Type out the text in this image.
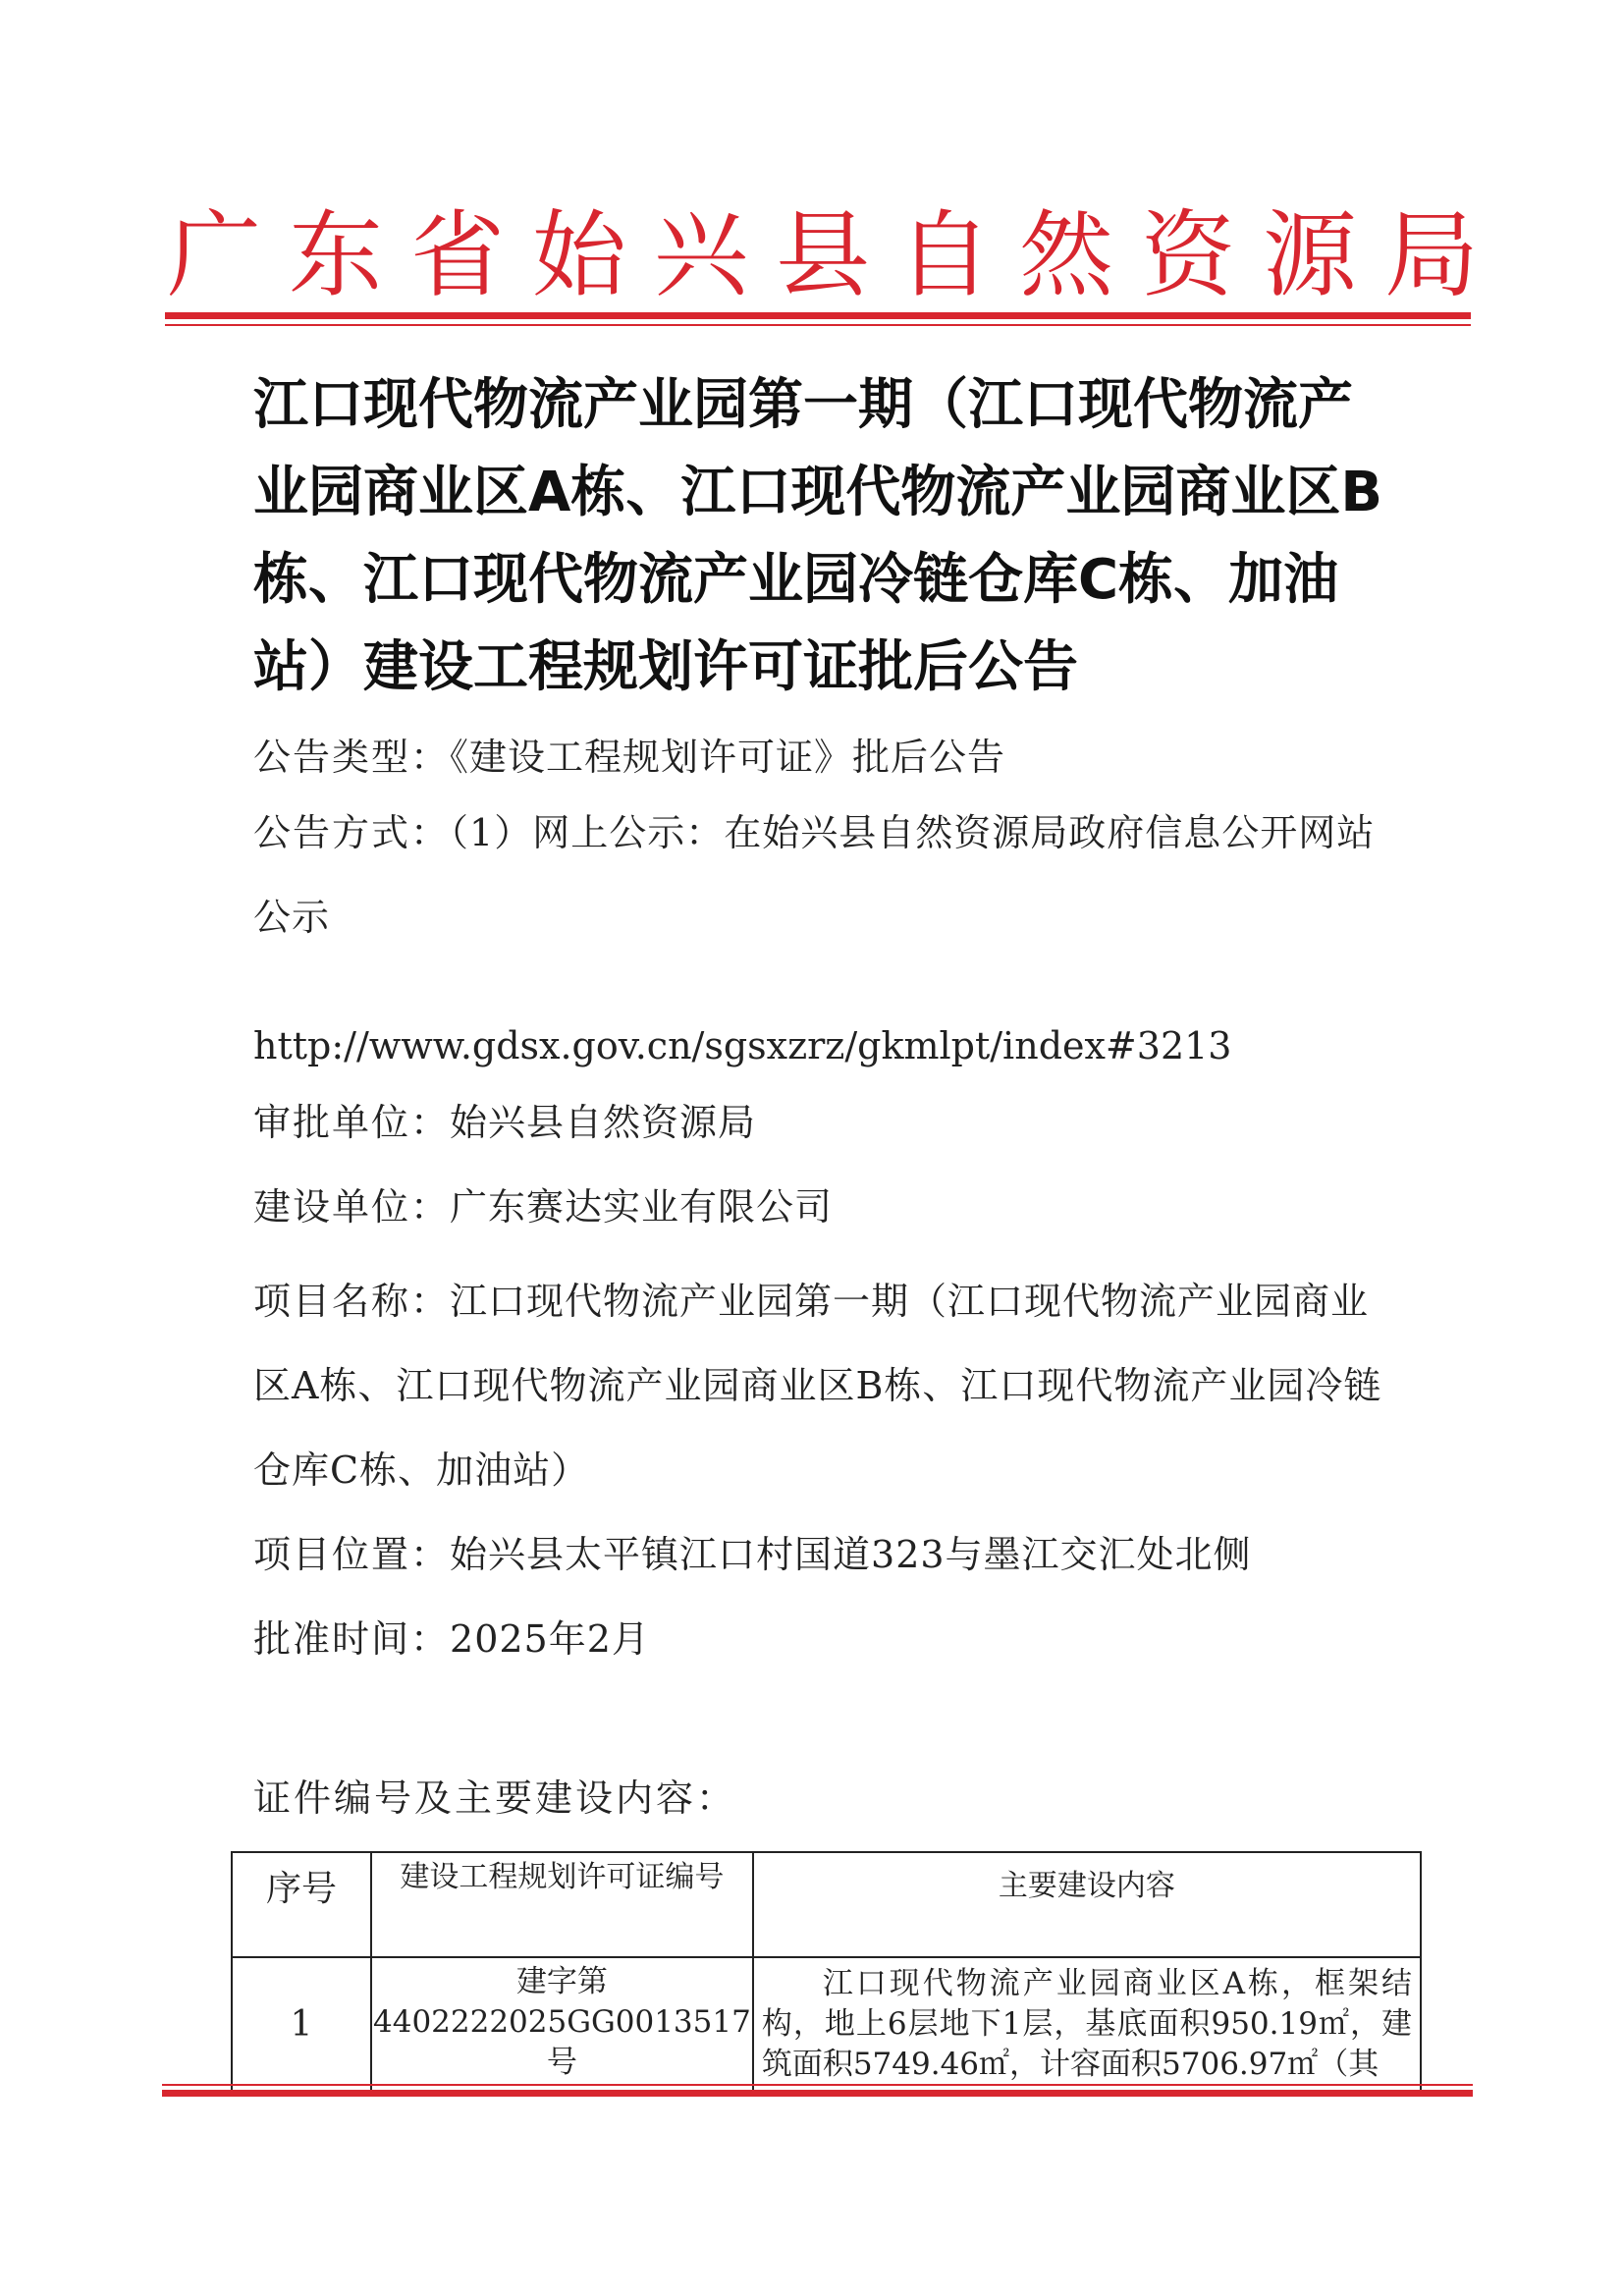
广东省始兴县自然资源局
江口现代物流产业园第一期（江口现代物流产业园商业区A栋、江口现代物流产业园商业区B栋、江口现代物流产业园冷链仓库C栋、加油站）建设工程规划许可证批后公告
公告类型：《建设工程规划许可证》批后公告
公告方式：（1）网上公示：在始兴县自然资源局政府信息公开网站公示
http://www.gdsx.gov.cn/sgsxzrz/gkmlpt/index#3213
审批单位：始兴县自然资源局
建设单位：广东赛达实业有限公司
项目名称：江口现代物流产业园第一期（江口现代物流产业园商业区A栋、江口现代物流产业园商业区B栋、江口现代物流产业园冷链仓库C栋、加油站）
项目位置：始兴县太平镇江口村国道323与墨江交汇处北侧
批准时间：2025年2月
证件编号及主要建设内容：
序号	建设工程规划许可证编号	主要建设内容
1	建字第4402222025GG0013517号	江口现代物流产业园商业区A栋，框架结构，地上6层地下1层，基底面积950.19㎡，建筑面积5749.46㎡，计容面积5706.97㎡（其
